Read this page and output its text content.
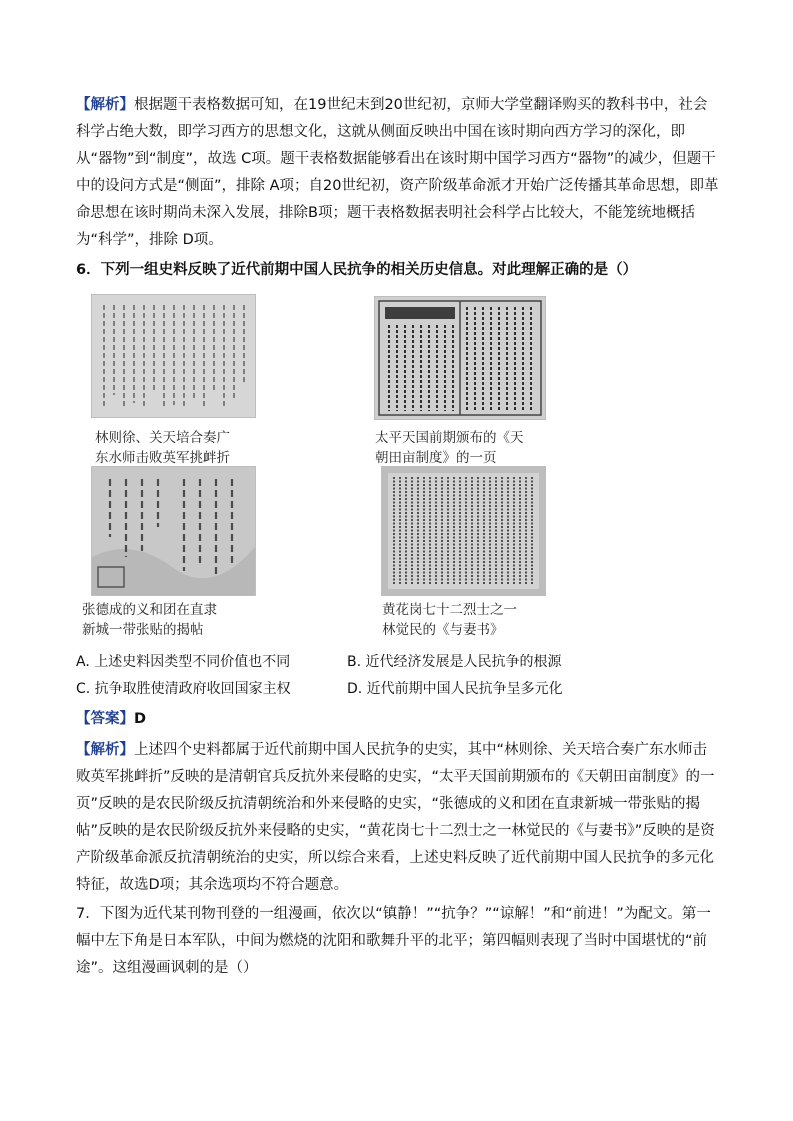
【解析】根据题干表格数据可知，在19世纪末到20世纪初，京师大学堂翻译购买的教科书中，社会科学占绝大数，即学习西方的思想文化，这就从侧面反映出中国在该时期向西方学习的深化，即从“器物”到“制度”，故选 C项。题干表格数据能够看出在该时期中国学习西方“器物”的减少，但题干中的设问方式是“侧面”，排除 A项；自20世纪初，资产阶级革命派才开始广泛传播其革命思想，即革命思想在该时期尚未深入发展，排除B项；题干表格数据表明社会科学占比较大，不能笼统地概括为“科学”，排除 D项。
6．下列一组史料反映了近代前期中国人民抗争的相关历史信息。对此理解正确的是（）
林则徐、关天培合奏广
东水师击败英军挑衅折
太平天国前期颁布的《天
朝田亩制度》的一页
张德成的义和团在直隶
新城一带张贴的揭帖
黄花岗七十二烈士之一
林觉民的《与妻书》
A. 上述史料因类型不同价值也不同	B. 近代经济发展是人民抗争的根源
C. 抗争取胜使清政府收回国家主权	D. 近代前期中国人民抗争呈多元化
【答案】D
【解析】上述四个史料都属于近代前期中国人民抗争的史实，其中“林则徐、关天培合奏广东水师击败英军挑衅折”反映的是清朝官兵反抗外来侵略的史实，“太平天国前期颁布的《天朝田亩制度》的一页”反映的是农民阶级反抗清朝统治和外来侵略的史实，“张德成的义和团在直隶新城一带张贴的揭帖”反映的是农民阶级反抗外来侵略的史实，“黄花岗七十二烈士之一林觉民的《与妻书》”反映的是资产阶级革命派反抗清朝统治的史实，所以综合来看，上述史料反映了近代前期中国人民抗争的多元化特征，故选D项；其余选项均不符合题意。
7．下图为近代某刊物刊登的一组漫画，依次以“镇静！”“抗争？”“谅解！”和“前进！”为配文。第一幅中左下角是日本军队，中间为燃烧的沈阳和歌舞升平的北平；第四幅则表现了当时中国堪忧的“前途”。这组漫画讽刺的是（）
